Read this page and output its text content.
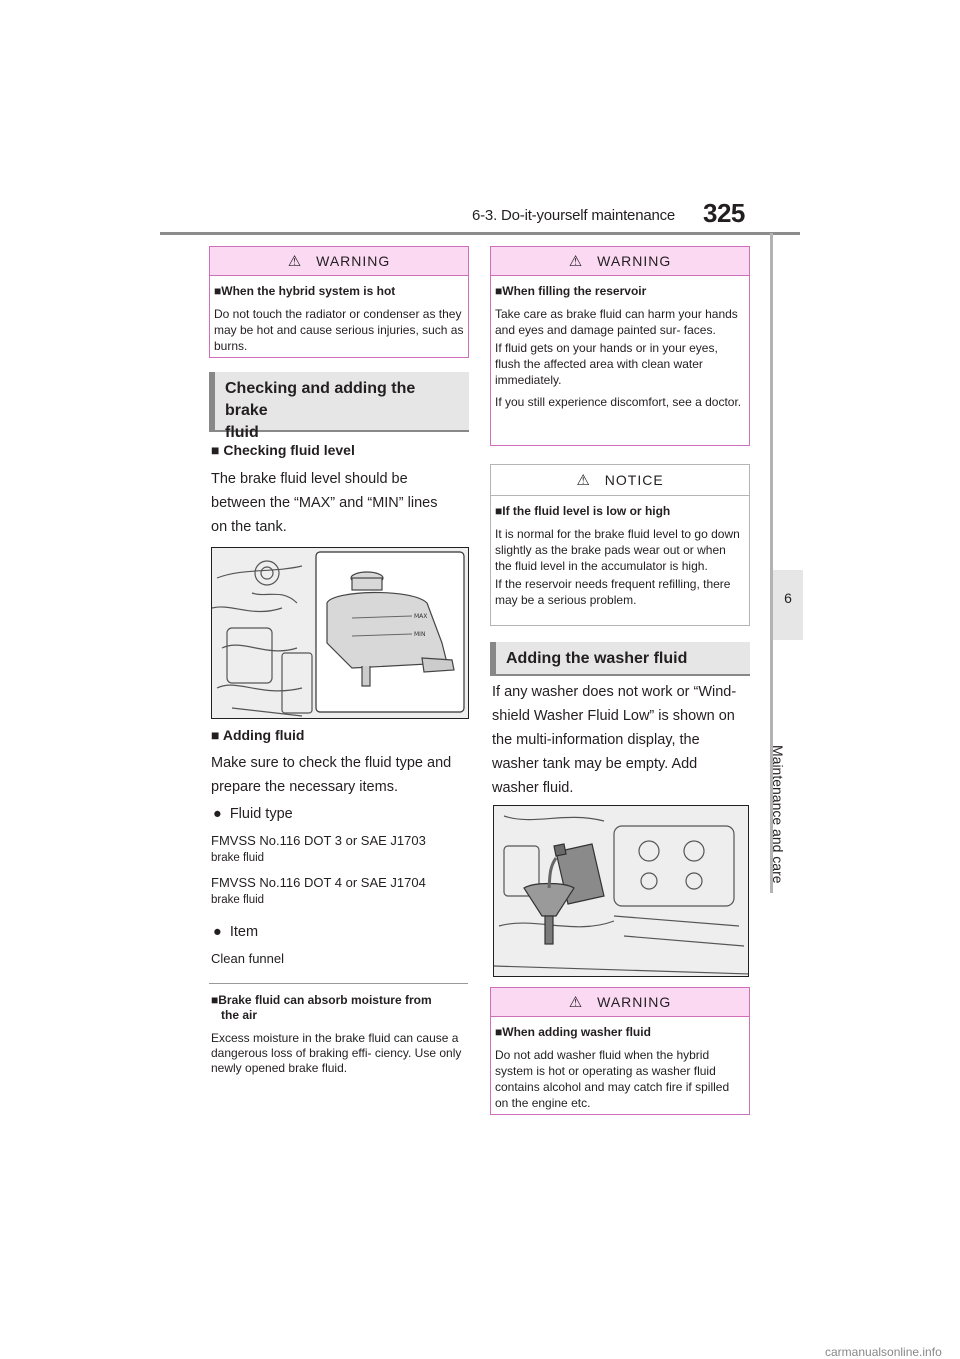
6-3. Do-it-yourself maintenance 325
6
Maintenance and care
⚠ WARNING
■When the hybrid system is hot
Do not touch the radiator or condenser as they may be hot and cause serious injuries, such as burns.
Checking and adding the brake
fluid
■ Checking fluid level
The brake fluid level should be
between the “MAX” and “MIN” lines
on the tank.
MAX
MIN
■ Adding fluid
Make sure to check the fluid type and
prepare the necessary items.
● Fluid type
FMVSS No.116 DOT 3 or SAE J1703
brake fluid
FMVSS No.116 DOT 4 or SAE J1704
brake fluid
● Item
Clean funnel
■Brake fluid can absorb moisture from
the air
Excess moisture in the brake fluid can cause a dangerous loss of braking effi- ciency. Use only newly opened brake fluid.
⚠ WARNING
■When filling the reservoir
Take care as brake fluid can harm your hands and eyes and damage painted sur- faces.
If fluid gets on your hands or in your eyes, flush the affected area with clean water immediately.
If you still experience discomfort, see a doctor.
⚠ NOTICE
■If the fluid level is low or high
It is normal for the brake fluid level to go down slightly as the brake pads wear out or when the fluid level in the accumulator is high.
If the reservoir needs frequent refilling, there may be a serious problem.
Adding the washer fluid
If any washer does not work or “Wind-
shield Washer Fluid Low” is shown on
the multi-information display, the
washer tank may be empty. Add
washer fluid.
⚠ WARNING
■When adding washer fluid
Do not add washer fluid when the hybrid system is hot or operating as washer fluid contains alcohol and may catch fire if spilled on the engine etc.
carmanualsonline.info
